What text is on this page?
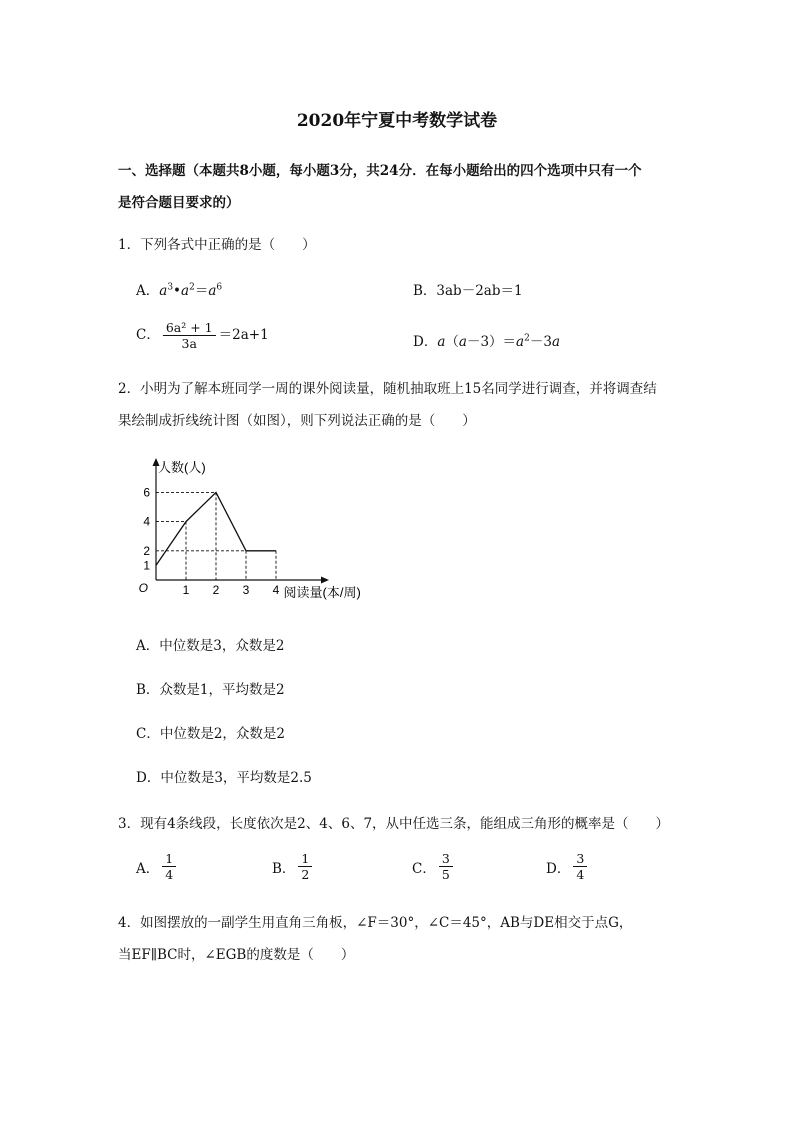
2020年宁夏中考数学试卷
一、选择题（本题共8小题，每小题3分，共24分．在每小题给出的四个选项中只有一个
是符合题目要求的）
1．下列各式中正确的是（　　）
A．$a^3•a^2=a^6$	B．3ab－2ab＝1
C． $\frac{\text{6a² + 1}}{3a} =2a+1$	D．$a(a-3)=a^2-3a$
2．小明为了解本班同学一周的课外阅读量，随机抽取班上15名同学进行调查，并将调查结
果绘制成折线统计图（如图），则下列说法正确的是（　　）
1 2 3 4
1
2
4
6
O
人数(人)
阅读量(本/周)
A．中位数是3，众数是2
B．众数是1，平均数是2
C．中位数是2，众数是2
D．中位数是3，平均数是2.5
3．现有4条线段，长度依次是2、4、6、7，从中任选三条，能组成三角形的概率是（　　）
A． $\frac{1}{4}$	B． $\frac{1}{2}$	C． $\frac{3}{5}$	D． $\frac{3}{4}$
4．如图摆放的一副学生用直角三角板，∠F＝30°，∠C＝45°，AB与DE相交于点G，
当EF∥BC时，∠EGB的度数是（　　）
